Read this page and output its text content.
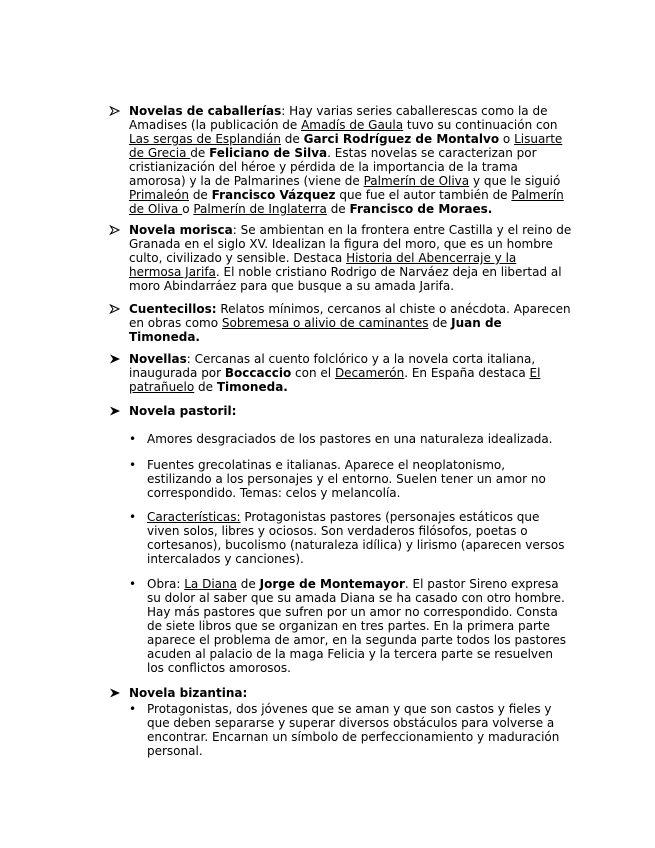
Novelas de caballerías: Hay varias series caballerescas como la de
Amadises (la publicación de Amadís de Gaula tuvo su continuación con
Las sergas de Esplandián de Garci Rodríguez de Montalvo o Lisuarte
de Grecia de Feliciano de Silva. Estas novelas se caracterizan por
cristianización del héroe y pérdida de la importancia de la trama
amorosa) y la de Palmarines (viene de Palmerín de Oliva y que le siguió
Primaleón de Francisco Vázquez que fue el autor también de Palmerín
de Oliva o Palmerín de Inglaterra de Francisco de Moraes.
Novela morisca: Se ambientan en la frontera entre Castilla y el reino de
Granada en el siglo XV. Idealizan la figura del moro, que es un hombre
culto, civilizado y sensible. Destaca Historia del Abencerraje y la
hermosa Jarifa. El noble cristiano Rodrigo de Narváez deja en libertad al
moro Abindarráez para que busque a su amada Jarifa.
Cuentecillos: Relatos mínimos, cercanos al chiste o anécdota. Aparecen
en obras como Sobremesa o alivio de caminantes de Juan de
Timoneda.
Novellas: Cercanas al cuento folclórico y a la novela corta italiana,
inaugurada por Boccaccio con el Decamerón. En España destaca El
patrañuelo de Timoneda.
Novela pastoril:
• Amores desgraciados de los pastores en una naturaleza idealizada.
• Fuentes grecolatinas e italianas. Aparece el neoplatonismo,
estilizando a los personajes y el entorno. Suelen tener un amor no
correspondido. Temas: celos y melancolía.
• Características: Protagonistas pastores (personajes estáticos que
viven solos, libres y ociosos. Son verdaderos filósofos, poetas o
cortesanos), bucolismo (naturaleza idílica) y lirismo (aparecen versos
intercalados y canciones).
• Obra: La Diana de Jorge de Montemayor. El pastor Sireno expresa
su dolor al saber que su amada Diana se ha casado con otro hombre.
Hay más pastores que sufren por un amor no correspondido. Consta
de siete libros que se organizan en tres partes. En la primera parte
aparece el problema de amor, en la segunda parte todos los pastores
acuden al palacio de la maga Felicia y la tercera parte se resuelven
los conflictos amorosos.
Novela bizantina:
• Protagonistas, dos jóvenes que se aman y que son castos y fieles y
que deben separarse y superar diversos obstáculos para volverse a
encontrar. Encarnan un símbolo de perfeccionamiento y maduración
personal.
